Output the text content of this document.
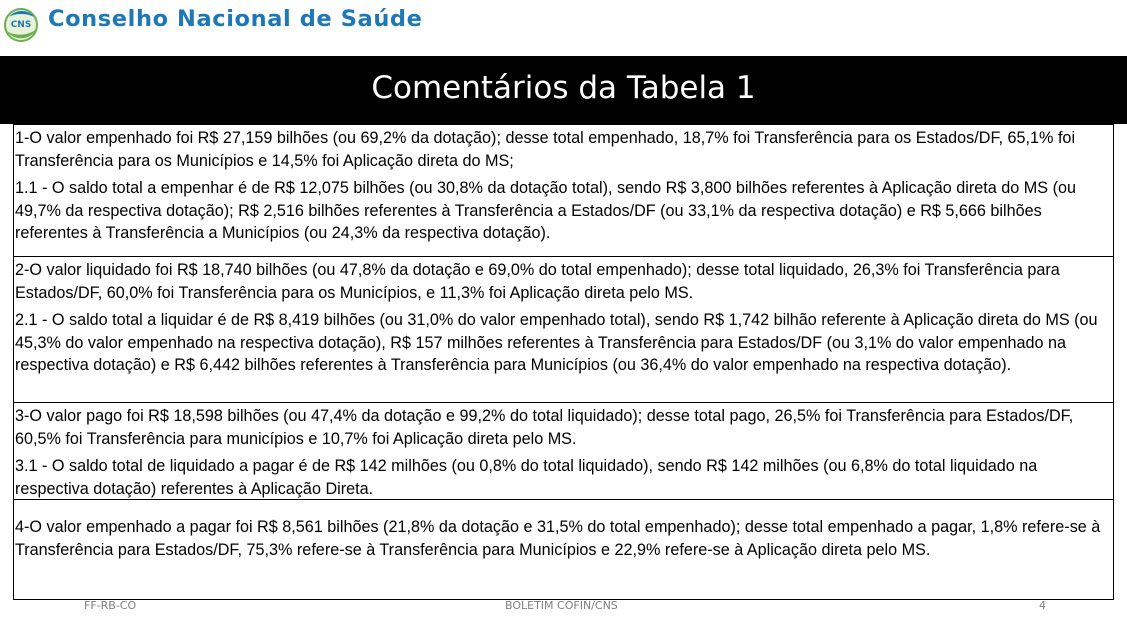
CNS Conselho Nacional de Saúde
Comentários da Tabela 1

1-O valor empenhado foi R$ 27,159 bilhões (ou 69,2% da dotação); desse total empenhado, 18,7% foi Transferência para os Estados/DF, 65,1% foi Transferência para os Municípios e 14,5% foi Aplicação direta do MS;

1.1 - O saldo total a empenhar é de R$ 12,075 bilhões (ou 30,8% da dotação total), sendo R$ 3,800 bilhões referentes à Aplicação direta do MS (ou 49,7% da respectiva dotação); R$ 2,516 bilhões referentes à Transferência a Estados/DF (ou 33,1% da respectiva dotação) e R$ 5,666 bilhões referentes à Transferência a Municípios (ou 24,3% da respectiva dotação).

2-O valor liquidado foi R$ 18,740 bilhões (ou 47,8% da dotação e 69,0% do total empenhado); desse total liquidado, 26,3% foi Transferência para Estados/DF, 60,0% foi Transferência para os Municípios, e 11,3% foi Aplicação direta pelo MS.

2.1 - O saldo total a liquidar é de R$ 8,419 bilhões (ou 31,0% do valor empenhado total), sendo R$ 1,742 bilhão referente à Aplicação direta do MS (ou 45,3% do valor empenhado na respectiva dotação), R$ 157 milhões referentes à Transferência para Estados/DF (ou 3,1% do valor empenhado na respectiva dotação) e R$ 6,442 bilhões referentes à Transferência para Municípios (ou 36,4% do valor empenhado na respectiva dotação).

3-O valor pago foi R$ 18,598 bilhões (ou 47,4% da dotação e 99,2% do total liquidado); desse total pago, 26,5% foi Transferência para Estados/DF, 60,5% foi Transferência para municípios e 10,7% foi Aplicação direta pelo MS.

3.1 - O saldo total de liquidado a pagar é de R$ 142 milhões (ou 0,8% do total liquidado), sendo R$ 142 milhões (ou 6,8% do total liquidado na respectiva dotação) referentes à Aplicação Direta.

4-O valor empenhado a pagar foi R$ 8,561 bilhões (21,8% da dotação e 31,5% do total empenhado); desse total empenhado a pagar, 1,8% refere-se à Transferência para Estados/DF, 75,3% refere-se à Transferência para Municípios e 22,9% refere-se à Aplicação direta pelo MS.

FF-RB-CO	BOLETIM COFIN/CNS	4
